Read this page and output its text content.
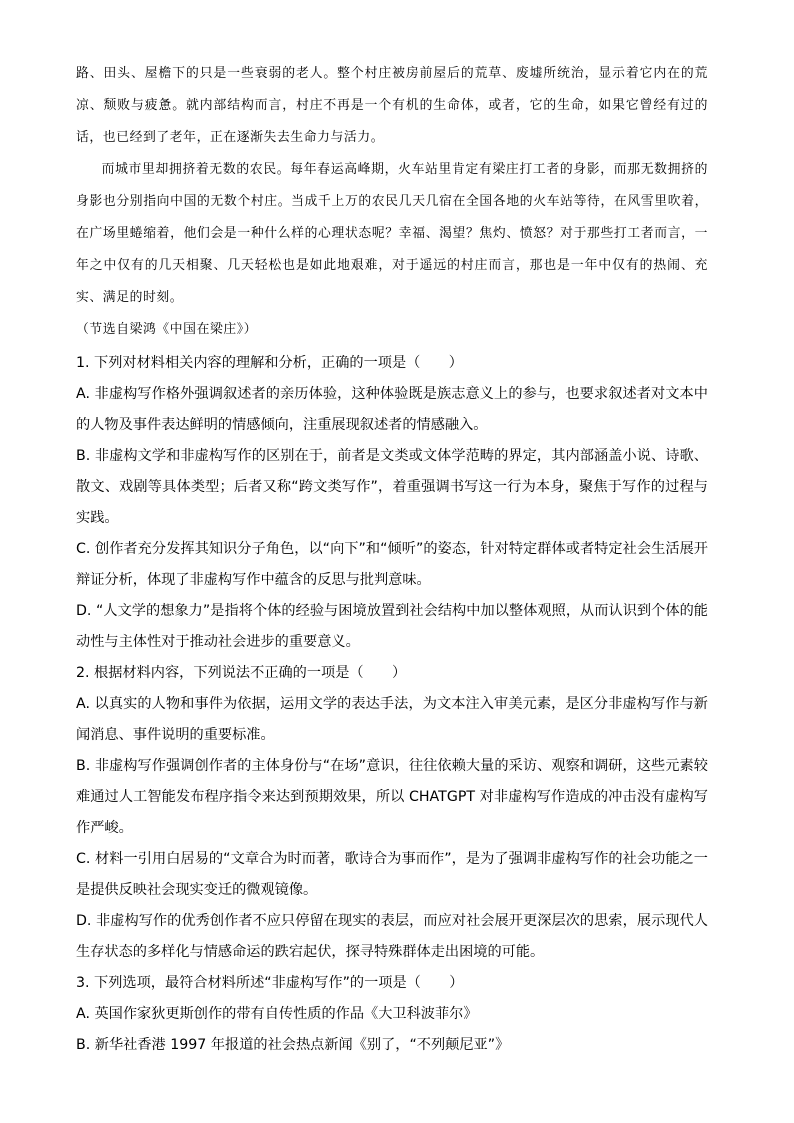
路、田头、屋檐下的只是一些衰弱的老人。整个村庄被房前屋后的荒草、废墟所统治，显示着它内在的荒凉、颓败与疲惫。就内部结构而言，村庄不再是一个有机的生命体，或者，它的生命，如果它曾经有过的话，也已经到了老年，正在逐渐失去生命力与活力。

而城市里却拥挤着无数的农民。每年春运高峰期，火车站里肯定有梁庄打工者的身影，而那无数拥挤的身影也分别指向中国的无数个村庄。当成千上万的农民几天几宿在全国各地的火车站等待，在风雪里吹着，在广场里蜷缩着，他们会是一种什么样的心理状态呢？幸福、渴望？焦灼、愤怒？对于那些打工者而言，一年之中仅有的几天相聚、几天轻松也是如此地艰难，对于遥远的村庄而言，那也是一年中仅有的热闹、充实、满足的时刻。

（节选自梁鸿《中国在梁庄》）

1. 下列对材料相关内容的理解和分析，正确的一项是（　　）

A. 非虚构写作格外强调叙述者的亲历体验，这种体验既是族志意义上的参与，也要求叙述者对文本中的人物及事件表达鲜明的情感倾向，注重展现叙述者的情感融入。

B. 非虚构文学和非虚构写作的区别在于，前者是文类或文体学范畴的界定，其内部涵盖小说、诗歌、散文、戏剧等具体类型；后者又称“跨文类写作”，着重强调书写这一行为本身，聚焦于写作的过程与实践。

C. 创作者充分发挥其知识分子角色，以“向下”和“倾听”的姿态，针对特定群体或者特定社会生活展开辩证分析，体现了非虚构写作中蕴含的反思与批判意味。

D. “人文学的想象力”是指将个体的经验与困境放置到社会结构中加以整体观照，从而认识到个体的能动性与主体性对于推动社会进步的重要意义。

2. 根据材料内容，下列说法不正确的一项是（　　）

A. 以真实的人物和事件为依据，运用文学的表达手法，为文本注入审美元素，是区分非虚构写作与新闻消息、事件说明的重要标准。

B. 非虚构写作强调创作者的主体身份与“在场”意识，往往依赖大量的采访、观察和调研，这些元素较难通过人工智能发布程序指令来达到预期效果，所以 CHATGPT 对非虚构写作造成的冲击没有虚构写作严峻。

C. 材料一引用白居易的“文章合为时而著，歌诗合为事而作”，是为了强调非虚构写作的社会功能之一是提供反映社会现实变迁的微观镜像。

D. 非虚构写作的优秀创作者不应只停留在现实的表层，而应对社会展开更深层次的思索，展示现代人生存状态的多样化与情感命运的跌宕起伏，探寻特殊群体走出困境的可能。

3. 下列选项，最符合材料所述“非虚构写作”的一项是（　　）

A. 英国作家狄更斯创作的带有自传性质的作品《大卫科波菲尔》

B. 新华社香港 1997 年报道的社会热点新闻《别了，“不列颠尼亚”》
